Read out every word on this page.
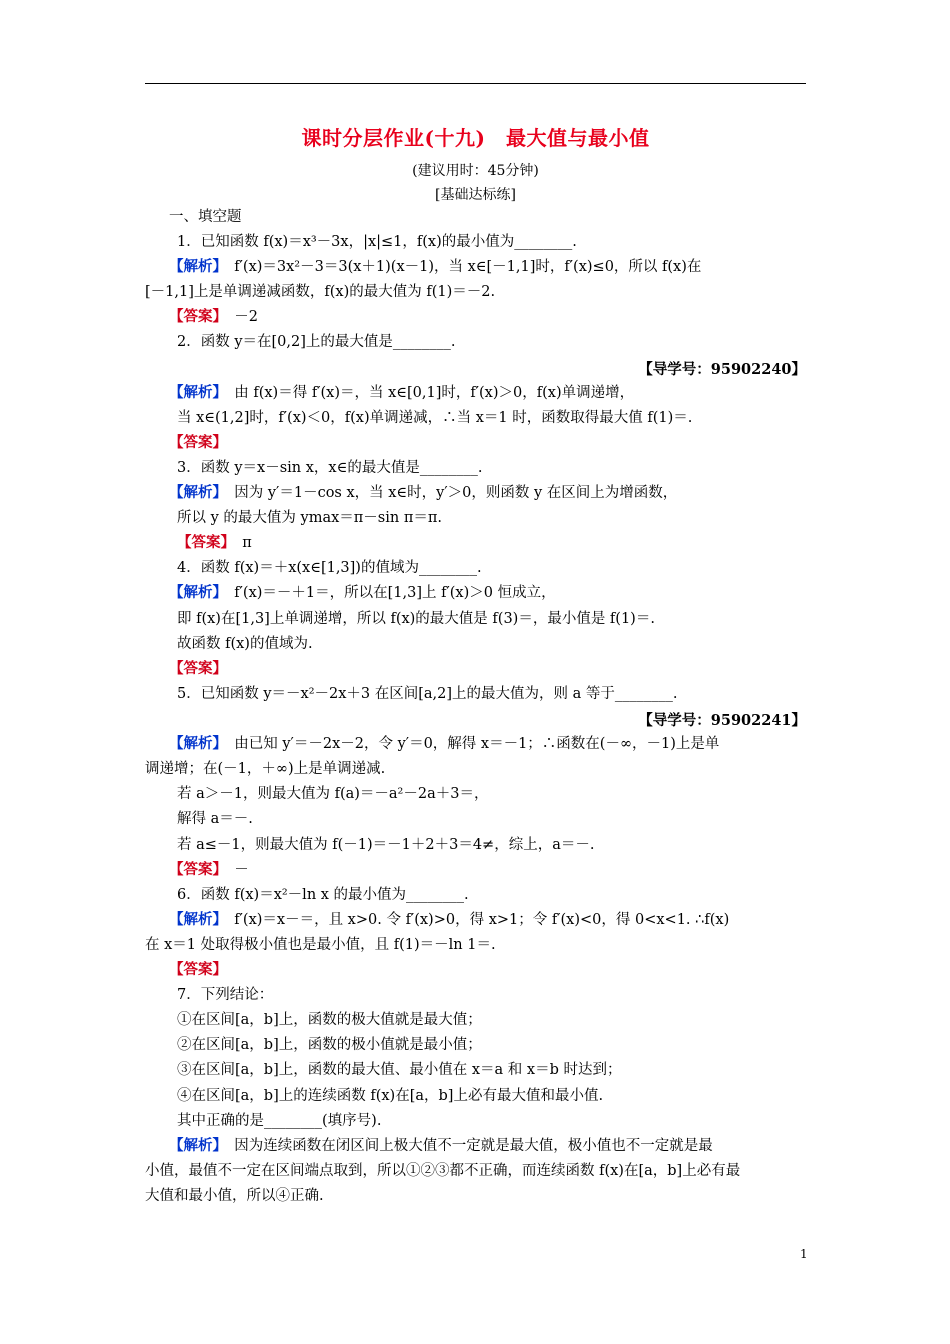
课时分层作业(十九)　最大值与最小值
(建议用时：45分钟)
[基础达标练]
一、填空题
1．已知函数 f(x)＝x³－3x，|x|≤1，f(x)的最小值为________.
【解析】　f′(x)＝3x²－3＝3(x＋1)(x－1)，当 x∈[－1,1]时，f′(x)≤0，所以 f(x)在
[－1,1]上是单调递减函数，f(x)的最大值为 f(1)＝－2.
【答案】　－2
2．函数 y＝在[0,2]上的最大值是________.
【解析】　由 f(x)＝得 f′(x)＝，当 x∈[0,1]时，f′(x)＞0，f(x)单调递增，
当 x∈(1,2]时，f′(x)＜0，f(x)单调递减，∴当 x＝1 时，函数取得最大值 f(1)＝.
【答案】
3．函数 y＝x－sin x，x∈的最大值是________.
【解析】　因为 y′＝1－cos x，当 x∈时，y′＞0，则函数 y 在区间上为增函数，
所以 y 的最大值为 ymax＝π－sin π＝π.
【答案】　π
4．函数 f(x)＝＋x(x∈[1,3])的值域为________.
【解析】　f′(x)＝－＋1＝，所以在[1,3]上 f′(x)＞0 恒成立，
即 f(x)在[1,3]上单调递增，所以 f(x)的最大值是 f(3)＝，最小值是 f(1)＝.
故函数 f(x)的值域为.
【答案】
5．已知函数 y＝－x²－2x＋3 在区间[a,2]上的最大值为，则 a 等于________.
【解析】　由已知 y′＝－2x－2，令 y′＝0，解得 x＝－1；∴函数在(－∞，－1)上是单
调递增；在(－1，＋∞)上是单调递减.
若 a＞－1，则最大值为 f(a)＝－a²－2a＋3＝，
解得 a＝－.
若 a≤－1，则最大值为 f(－1)＝－1＋2＋3＝4≠，综上，a＝－.
【答案】　－
6．函数 f(x)＝x²－ln x 的最小值为________.
【解析】　f′(x)＝x－＝，且 x>0. 令 f′(x)>0，得 x>1；令 f′(x)<0，得 0<x<1. ∴f(x)
在 x＝1 处取得极小值也是最小值，且 f(1)＝－ln 1＝.
【答案】
7．下列结论：
①在区间[a，b]上，函数的极大值就是最大值；
②在区间[a，b]上，函数的极小值就是最小值；
③在区间[a，b]上，函数的最大值、最小值在 x＝a 和 x＝b 时达到；
④在区间[a，b]上的连续函数 f(x)在[a，b]上必有最大值和最小值.
其中正确的是________(填序号).
【解析】　因为连续函数在闭区间上极大值不一定就是最大值，极小值也不一定就是最
小值，最值不一定在区间端点取到，所以①②③都不正确，而连续函数 f(x)在[a，b]上必有最
大值和最小值，所以④正确.
【导学号：95902240】
【导学号：95902241】
1
